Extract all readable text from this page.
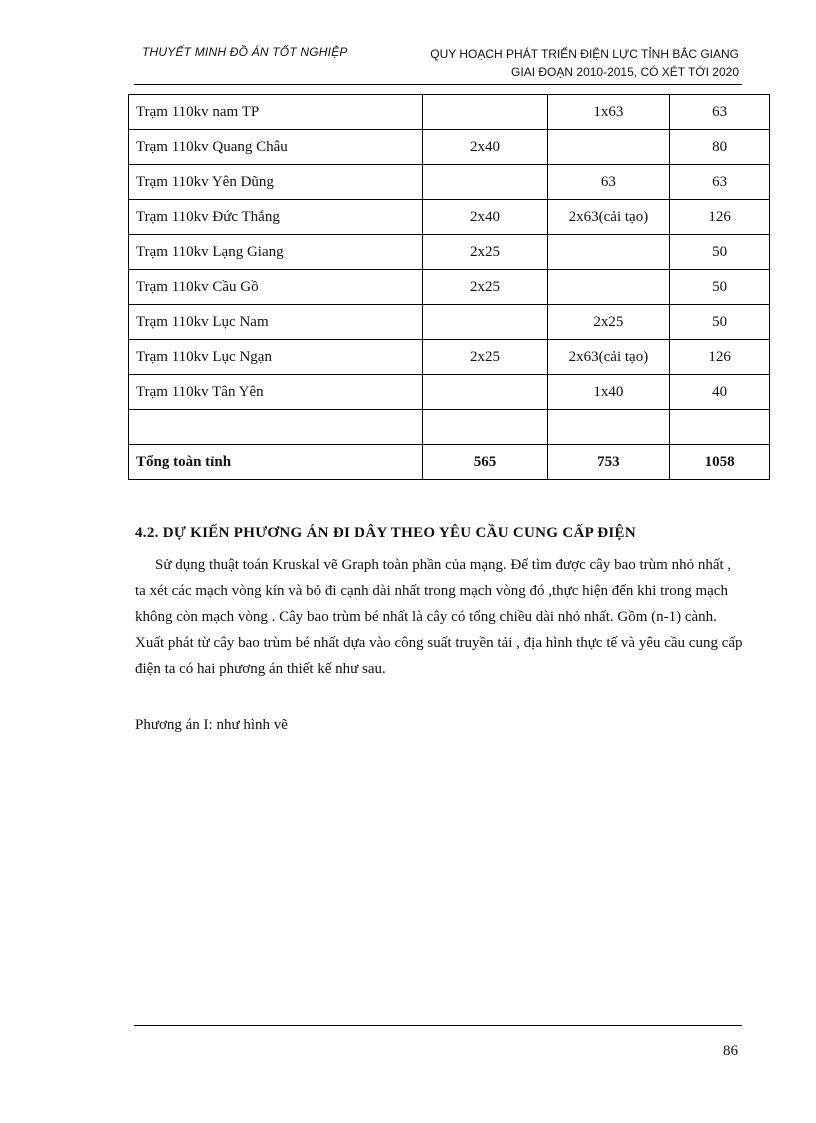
THUYẾT MINH ĐỒ ÁN TỐT NGHIỆP	QUY HOẠCH PHÁT TRIỂN ĐIỆN LỰC TỈNH BẮC GIANG
GIAI ĐOẠN 2010-2015, CÓ XÉT TỚI 2020
Trạm 110kv nam TP		1x63	63
Trạm 110kv Quang Châu	2x40		80
Trạm 110kv Yên Dũng		63	63
Trạm 110kv Đức Thắng	2x40	2x63(cải tạo)	126
Trạm 110kv Lạng Giang	2x25		50
Trạm 110kv Cầu Gồ	2x25		50
Trạm 110kv Lục Nam		2x25	50
Trạm 110kv Lục Ngạn	2x25	2x63(cải tạo)	126
Trạm 110kv Tân Yên		1x40	40

Tổng toàn tỉnh	565	753	1058
4.2. DỰ KIẾN PHƯƠNG ÁN ĐI DÂY THEO YÊU CẦU CUNG CẤP ĐIỆN

Sử dụng thuật toán Kruskal vẽ Graph toàn phần của mạng. Để tìm được cây bao trùm nhỏ nhất , ta xét các mạch vòng kín và bỏ đi cạnh dài nhất trong mạch vòng đó ,thực hiện đến khi trong mạch không còn mạch vòng . Cây bao trùm bé nhất là cây có tổng chiều dài nhỏ nhất. Gồm (n-1) cành. Xuất phát từ cây bao trùm bé nhất dựa vào công suất truyền tải , địa hình thực tế và yêu cầu cung cấp điện ta có hai phương án thiết kế như sau.

Phương án I: như hình vẽ
86
